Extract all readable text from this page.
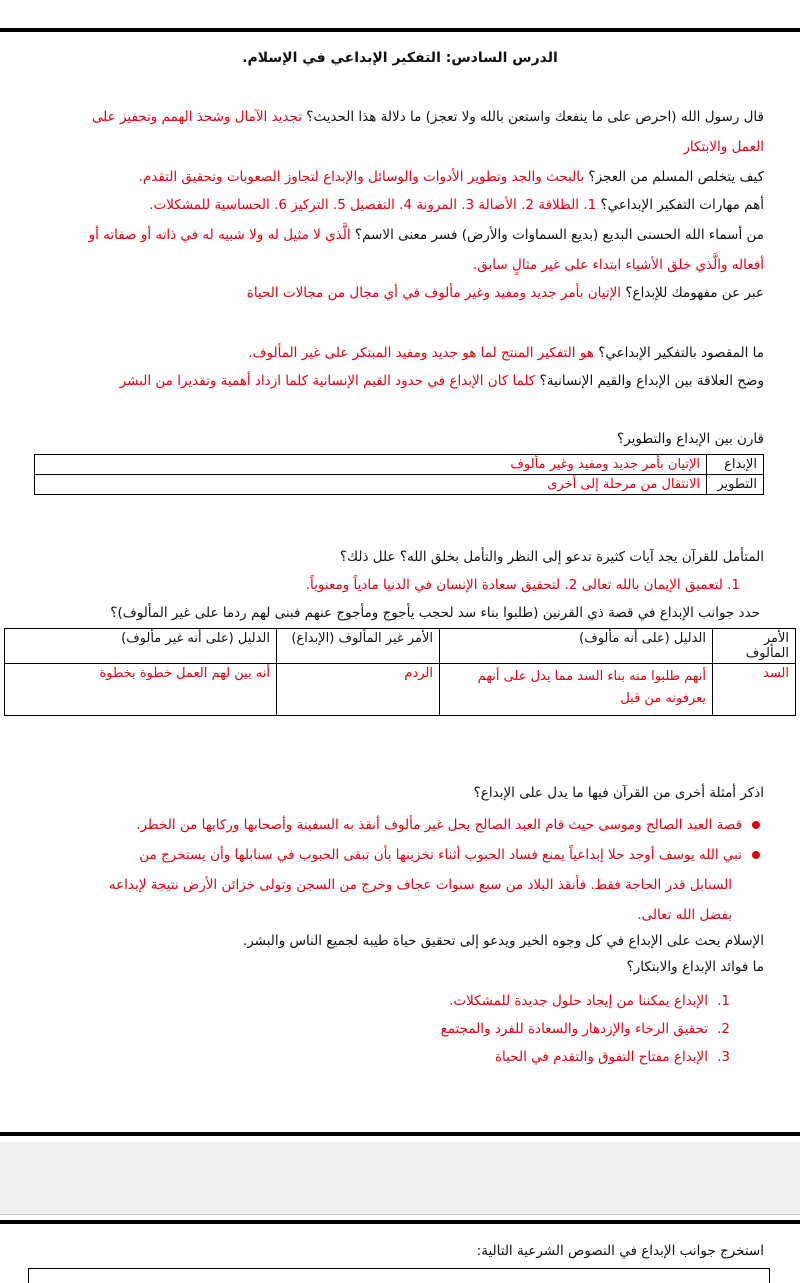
الدرس السادس: التفكير الإبداعي في الإسلام.
قال رسول الله (احرص على ما ينفعك واستعن بالله ولا تعجز) ما دلالة هذا الحديث؟ تجديد الآمال وشحذ الهمم وتحفيز على
العمل والابتكار
كيف يتخلص المسلم من العجز؟ بالبحث والجد وتطوير الأدوات والوسائل والإبداع لتجاوز الصعوبات وتحقيق التقدم.
أهم مهارات التفكير الإبداعي؟ 1. الطلاقة 2. الأصالة 3. المرونة 4. التفصيل 5. التركيز 6. الحساسية للمشكلات.
من أسماء الله الحسنى البديع (بديع السماوات والأرض) فسر معنى الاسم؟ الَّذي لا مثيل له ولا شبيه له في ذاته أو صفاته أو
أفعاله والَّذي خلق الأشياء ابتداء على غير مثالٍ سابق.
عبر عن مفهومك للإبداع؟ الإتيان بأمر جديد ومفيد وغير مألوف في أي مجال من مجالات الحياة
ما المقصود بالتفكير الإبداعي؟ هو التفكير المنتج لما هو جديد ومفيد المبتكر على غير المألوف.
وضح العلاقة بين الإبداع والقيم الإنسانية؟ كلما كان الإبداع في حدود القيم الإنسانية كلما ازداد أهمية وتقديرا من البشر
قارن بين الإبداع والتطوير؟
الإبداع	الإتيان بأمر جديد ومفيد وغير مألوف
التطوير	الانتقال من مرحلة إلى أخرى
المتأمل للقرآن يجد آيات كثيرة تدعو إلى النظر والتأمل بخلق الله؟ علل ذلك؟
1. لتعميق الإيمان بالله تعالى 2. لتحقيق سعادة الإنسان في الدنيا مادياً ومعنوياً.
حدد جوانب الإبداع في قصة ذي القرنين (طلبوا بناء سد لحجب يأجوج ومأجوج عنهم فبنى لهم ردما على غير المألوف)؟
الأمر المألوف	الدليل (على أنه مألوف)	الأمر غير المألوف (الإبداع)	الدليل (على أنه غير مألوف)
السد	أنهم طلبوا منه بناء السد مما يدل على أنهم
يعرفونه من قبل	الردم	أنه بين لهم العمل خطوة بخطوة
اذكر أمثلة أخرى من القرآن فيها ما يدل على الإبداع؟
قصة العبد الصالح وموسى حيث قام العبد الصالح بحل غير مألوف أنقذ به السفينة وأصحابها وركابها من الخطر.
نبي الله يوسف أوجد حلا إبداعياً يمنع فساد الحبوب أثناء تخزينها بأن تبقى الحبوب في سنابلها وأن يستخرج من
السنابل قدر الحاجة فقط. فأنقذ البلاد من سبع سنوات عجاف وخرج من السجن وتولى خزائن الأرض نتيجة لإبداعه
بفضل الله تعالى.
الإسلام يحث على الإبداع في كل وجوه الخير ويدعو إلى تحقيق حياة طيبة لجميع الناس والبشر.
ما فوائد الإبداع والابتكار؟
1.الإبداع يمكننا من إيجاد حلول جديدة للمشكلات.
2.تحقيق الرخاء والإزدهار والسعادة للفرد والمجتمع
3.الإبداع مفتاح التفوق والتقدم في الحياة
استخرج جوانب الإبداع في النصوص الشرعية التالية:
